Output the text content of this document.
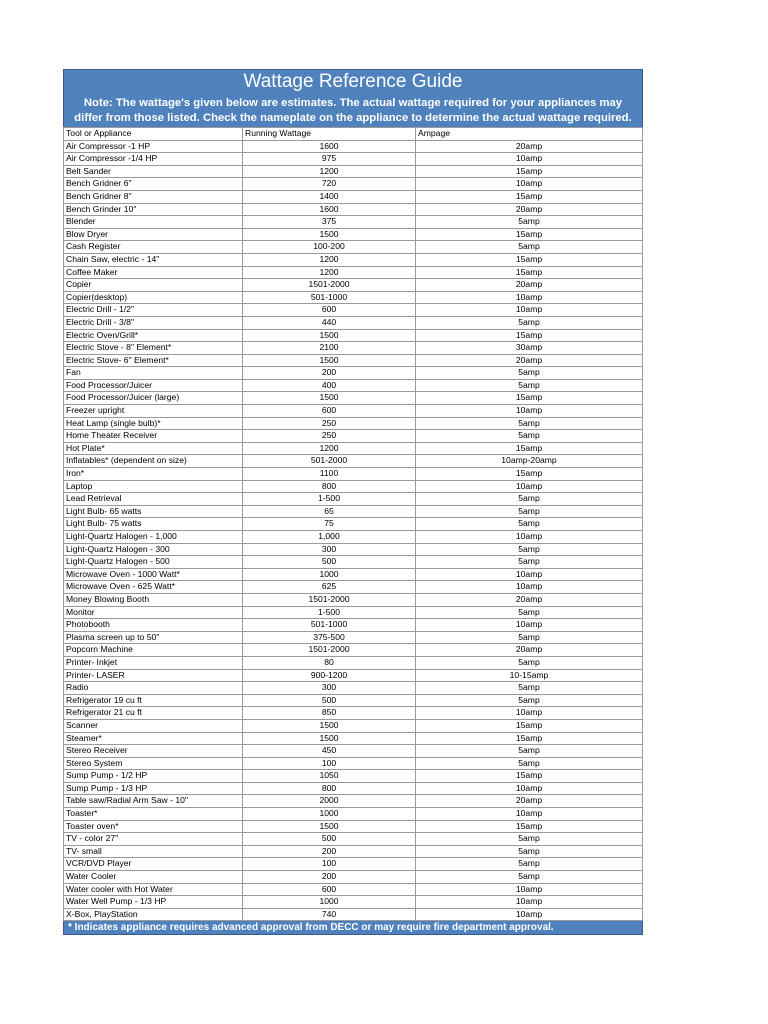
Wattage Reference Guide
Note: The wattage's given below are estimates. The actual wattage required for your appliances may differ from those listed. Check the nameplate on the appliance to determine the actual wattage required.
Tool or Appliance	Running Wattage	Ampage
Air Compressor -1 HP	1600	20amp
Air Compressor -1/4 HP	975	10amp
Belt Sander	1200	15amp
Bench Gridner 6"	720	10amp
Bench Gridner 8"	1400	15amp
Bench Grinder 10"	1600	20amp
Blender	375	5amp
Blow Dryer	1500	15amp
Cash Register	100-200	5amp
Chain Saw, electric - 14"	1200	15amp
Coffee Maker	1200	15amp
Copier	1501-2000	20amp
Copier(desktop)	501-1000	10amp
Electric Drill - 1/2"	600	10amp
Electric Drill - 3/8"	440	5amp
Electric Oven/Grill*	1500	15amp
Electric Stove - 8" Element*	2100	30amp
Electric Stove- 6" Element*	1500	20amp
Fan	200	5amp
Food Processor/Juicer	400	5amp
Food Processor/Juicer (large)	1500	15amp
Freezer upright	600	10amp
Heat Lamp (single bulb)*	250	5amp
Home Theater Receiver	250	5amp
Hot Plate*	1200	15amp
Inflatables* (dependent on size)	501-2000	10amp-20amp
Iron*	1100	15amp
Laptop	800	10amp
Lead Retrieval	1-500	5amp
Light Bulb- 65 watts	65	5amp
Light Bulb- 75 watts	75	5amp
Light-Quartz Halogen - 1,000	1,000	10amp
Light-Quartz Halogen - 300	300	5amp
Light-Quartz Halogen - 500	500	5amp
Microwave Oven - 1000 Watt*	1000	10amp
Microwave Oven - 625 Watt*	625	10amp
Money Blowing Booth	1501-2000	20amp
Monitor	1-500	5amp
Photobooth	501-1000	10amp
Plasma screen up to 50"	375-500	5amp
Popcorn Machine	1501-2000	20amp
Printer- Inkjet	80	5amp
Printer- LASER	900-1200	10-15amp
Radio	300	5amp
Refrigerator 19 cu ft	500	5amp
Refrigerator 21 cu ft	850	10amp
Scanner	1500	15amp
Steamer*	1500	15amp
Stereo Receiver	450	5amp
Stereo System	100	5amp
Sump Pump - 1/2 HP	1050	15amp
Sump Pump - 1/3 HP	800	10amp
Table saw/Radial Arm Saw - 10"	2000	20amp
Toaster*	1000	10amp
Toaster oven*	1500	15amp
TV - color 27"	500	5amp
TV- small	200	5amp
VCR/DVD Player	100	5amp
Water Cooler	200	5amp
Water cooler with Hot Water	600	10amp
Water Well Pump - 1/3 HP	1000	10amp
X-Box, PlayStation	740	10amp
* Indicates appliance requires advanced approval from DECC or may require fire department approval.
